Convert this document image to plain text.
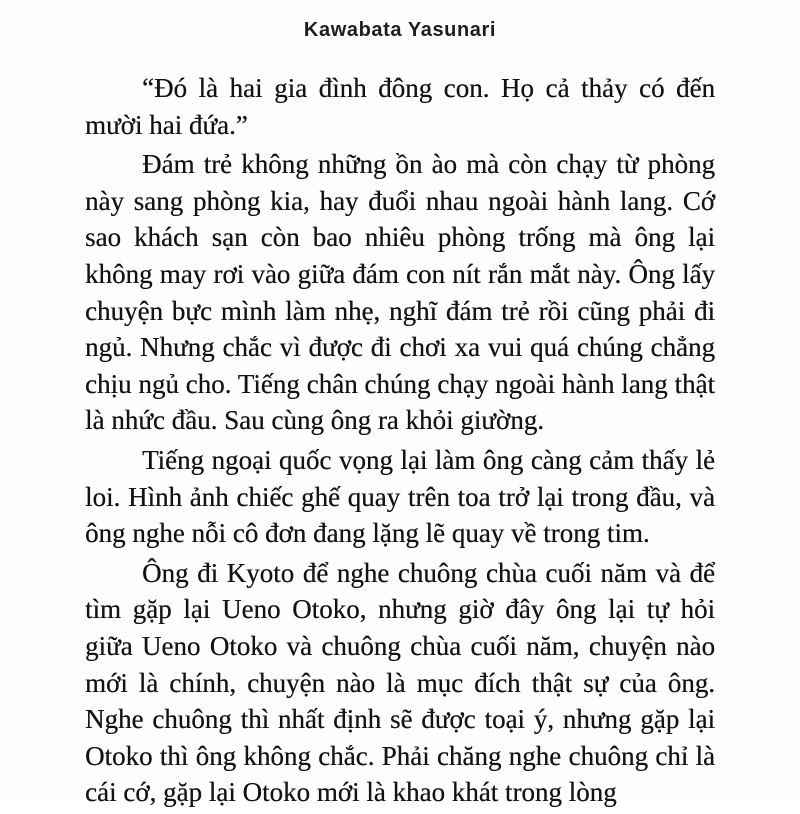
Kawabata Yasunari

“Đó là hai gia đình đông con. Họ cả thảy có đến mười hai đứa.”

Đám trẻ không những ồn ào mà còn chạy từ phòng này sang phòng kia, hay đuổi nhau ngoài hành lang. Cớ sao khách sạn còn bao nhiêu phòng trống mà ông lại không may rơi vào giữa đám con nít rắn mắt này. Ông lấy chuyện bực mình làm nhẹ, nghĩ đám trẻ rồi cũng phải đi ngủ. Nhưng chắc vì được đi chơi xa vui quá chúng chẳng chịu ngủ cho. Tiếng chân chúng chạy ngoài hành lang thật là nhức đầu. Sau cùng ông ra khỏi giường.

Tiếng ngoại quốc vọng lại làm ông càng cảm thấy lẻ loi. Hình ảnh chiếc ghế quay trên toa trở lại trong đầu, và ông nghe nỗi cô đơn đang lặng lẽ quay về trong tim.

Ông đi Kyoto để nghe chuông chùa cuối năm và để tìm gặp lại Ueno Otoko, nhưng giờ đây ông lại tự hỏi giữa Ueno Otoko và chuông chùa cuối năm, chuyện nào mới là chính, chuyện nào là mục đích thật sự của ông. Nghe chuông thì nhất định sẽ được toại ý, nhưng gặp lại Otoko thì ông không chắc. Phải chăng nghe chuông chỉ là cái cớ, gặp lại Otoko mới là khao khát trong lòng
